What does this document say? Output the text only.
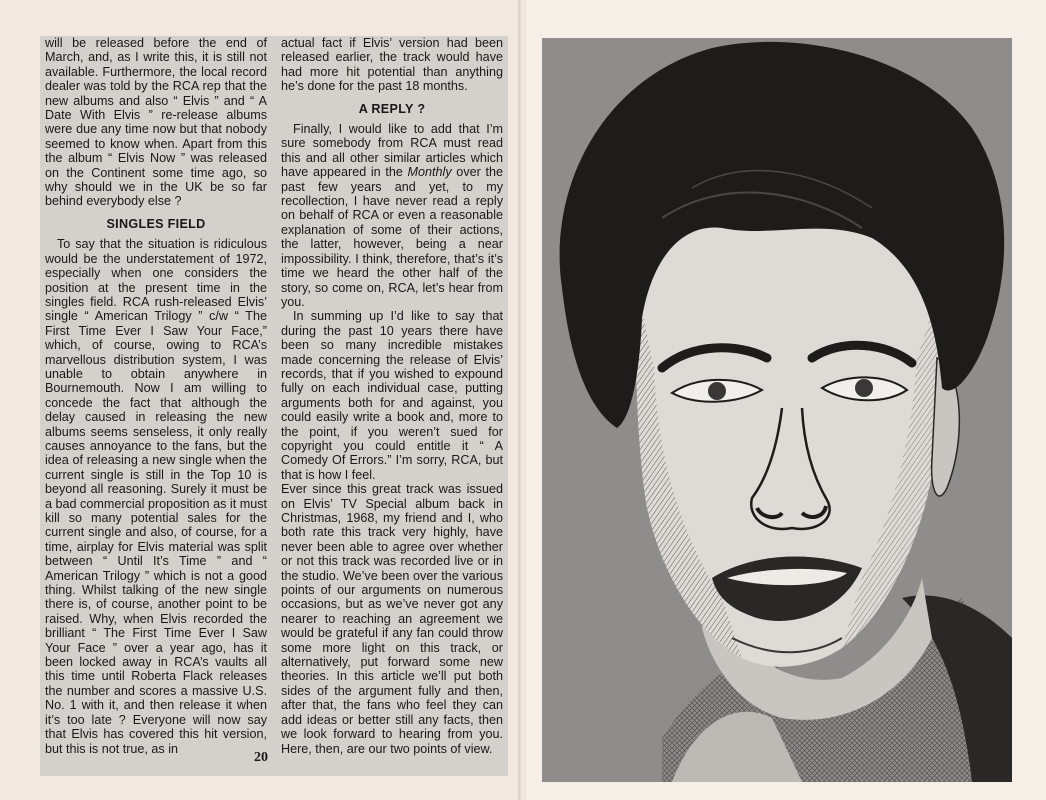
will be released before the end of March, and, as I write this, it is still not available. Furthermore, the local record dealer was told by the RCA rep that the new albums and also “ Elvis ” and “ A Date With Elvis ” re-release albums were due any time now but that nobody seemed to know when. Apart from this the album “ Elvis Now ” was released on the Continent some time ago, so why should we in the UK be so far behind everybody else ?

SINGLES FIELD

To say that the situation is ridiculous would be the understatement of 1972, especially when one considers the position at the present time in the singles field. RCA rush-released Elvis’ single “ American Trilogy ” c/w “ The First Time Ever I Saw Your Face,” which, of course, owing to RCA’s marvellous distribution system, I was unable to obtain anywhere in Bournemouth. Now I am willing to concede the fact that although the delay caused in releasing the new albums seems senseless, it only really causes annoyance to the fans, but the idea of releasing a new single when the current single is still in the Top 10 is beyond all reasoning. Surely it must be a bad commercial proposition as it must kill so many potential sales for the current single and also, of course, for a time, airplay for Elvis material was split between “ Until It’s Time ” and “ American Trilogy ” which is not a good thing. Whilst talking of the new single there is, of course, another point to be raised. Why, when Elvis recorded the brilliant “ The First Time Ever I Saw Your Face ” over a year ago, has it been locked away in RCA’s vaults all this time until Roberta Flack releases the number and scores a massive U.S. No. 1 with it, and then release it when it’s too late ? Everyone will now say that Elvis has covered this hit version, but this is not true, as in

actual fact if Elvis’ version had been released earlier, the track would have had more hit potential than anything he’s done for the past 18 months.

A REPLY ?

Finally, I would like to add that I’m sure somebody from RCA must read this and all other similar articles which have appeared in the Monthly over the past few years and yet, to my recollection, I have never read a reply on behalf of RCA or even a reasonable explanation of some of their actions, the latter, however, being a near impossibility. I think, therefore, that’s it’s time we heard the other half of the story, so come on, RCA, let’s hear from you.

In summing up I’d like to say that during the past 10 years there have been so many incredible mistakes made concerning the release of Elvis’ records, that if you wished to expound fully on each individual case, putting arguments both for and against, you could easily write a book and, more to the point, if you weren’t sued for copyright you could entitle it “ A Comedy Of Errors.” I’m sorry, RCA, but that is how I feel.

Ever since this great track was issued on Elvis’ TV Special album back in Christmas, 1968, my friend and I, who both rate this track very highly, have never been able to agree over whether or not this track was recorded live or in the studio. We’ve been over the various points of our arguments on numerous occasions, but as we’ve never got any nearer to reaching an agreement we would be grateful if any fan could throw some more light on this track, or alternatively, put forward some new theories. In this article we’ll put both sides of the argument fully and then, after that, the fans who feel they can add ideas or better still any facts, then we look forward to hearing from you. Here, then, are our two points of view.

20
